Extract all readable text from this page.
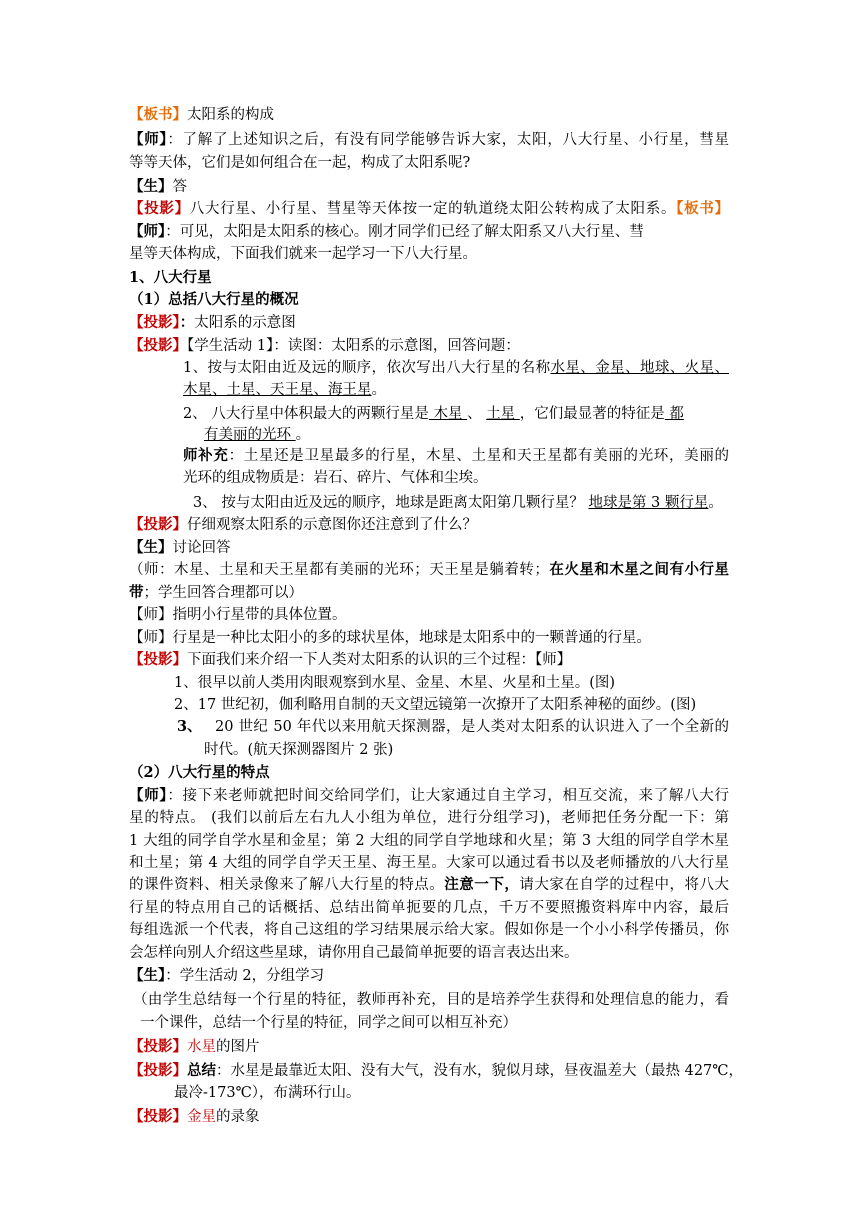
【板书】太阳系的构成
【师】：了解了上述知识之后，有没有同学能够告诉大家，太阳，八大行星、小行星，彗星
等等天体，它们是如何组合在一起，构成了太阳系呢?
【生】答
【投影】八大行星、小行星、彗星等天体按一定的轨道绕太阳公转构成了太阳系。【板书】
【师】：可见，太阳是太阳系的核心。刚才同学们已经了解太阳系又八大行星、彗
星等天体构成，下面我们就来一起学习一下八大行星。
1、八大行星
（1）总括八大行星的概况
【投影】：太阳系的示意图
【投影】【学生活动 1】：读图：太阳系的示意图，回答问题：
1、按与太阳由近及远的顺序，依次写出八大行星的名称水星、金星、地球、火星、
木星、土星、天王星、海王星。
2、 八大行星中体积最大的两颗行星是 木星 、 土星 ，它们最显著的特征是 都
有美丽的光环 。
师补充：土星还是卫星最多的行星，木星、土星和天王星都有美丽的光环，美丽的
光环的组成物质是：岩石、碎片、气体和尘埃。
3、 按与太阳由近及远的顺序，地球是距离太阳第几颗行星？ 地球是第 3 颗行星。
【投影】仔细观察太阳系的示意图你还注意到了什么？
【生】讨论回答
（师：木星、土星和天王星都有美丽的光环；天王星是躺着转；在火星和木星之间有小行星
带；学生回答合理都可以）
【师】指明小行星带的具体位置。
【师】行星是一种比太阳小的多的球状星体，地球是太阳系中的一颗普通的行星。
【投影】下面我们来介绍一下人类对太阳系的认识的三个过程：【师】
1、很早以前人类用肉眼观察到水星、金星、木星、火星和土星。(图)
2、17 世纪初，伽利略用自制的天文望远镜第一次撩开了太阳系神秘的面纱。(图)
3、 20 世纪 50 年代以来用航天探测器，是人类对太阳系的认识进入了一个全新的
时代。(航天探测器图片 2 张)
（2）八大行星的特点
【师】：接下来老师就把时间交给同学们，让大家通过自主学习，相互交流，来了解八大行
星的特点。 (我们以前后左右九人小组为单位，进行分组学习)，老师把任务分配一下：第
1 大组的同学自学水星和金星；第 2 大组的同学自学地球和火星；第 3 大组的同学自学木星
和土星；第 4 大组的同学自学天王星、海王星。大家可以通过看书以及老师播放的八大行星
的课件资料、相关录像来了解八大行星的特点。注意一下，请大家在自学的过程中，将八大
行星的特点用自己的话概括、总结出简单扼要的几点，千万不要照搬资料库中内容，最后
每组选派一个代表，将自己这组的学习结果展示给大家。假如你是一个小小科学传播员，你
会怎样向别人介绍这些星球，请你用自己最简单扼要的语言表达出来。
【生】：学生活动 2，分组学习
（由学生总结每一个行星的特征，教师再补充，目的是培养学生获得和处理信息的能力，看
一个课件，总结一个行星的特征，同学之间可以相互补充）
【投影】水星的图片
【投影】总结：水星是最靠近太阳、没有大气，没有水，貌似月球，昼夜温差大（最热 427℃，
最冷-173℃），布满环行山。
【投影】金星的录象
